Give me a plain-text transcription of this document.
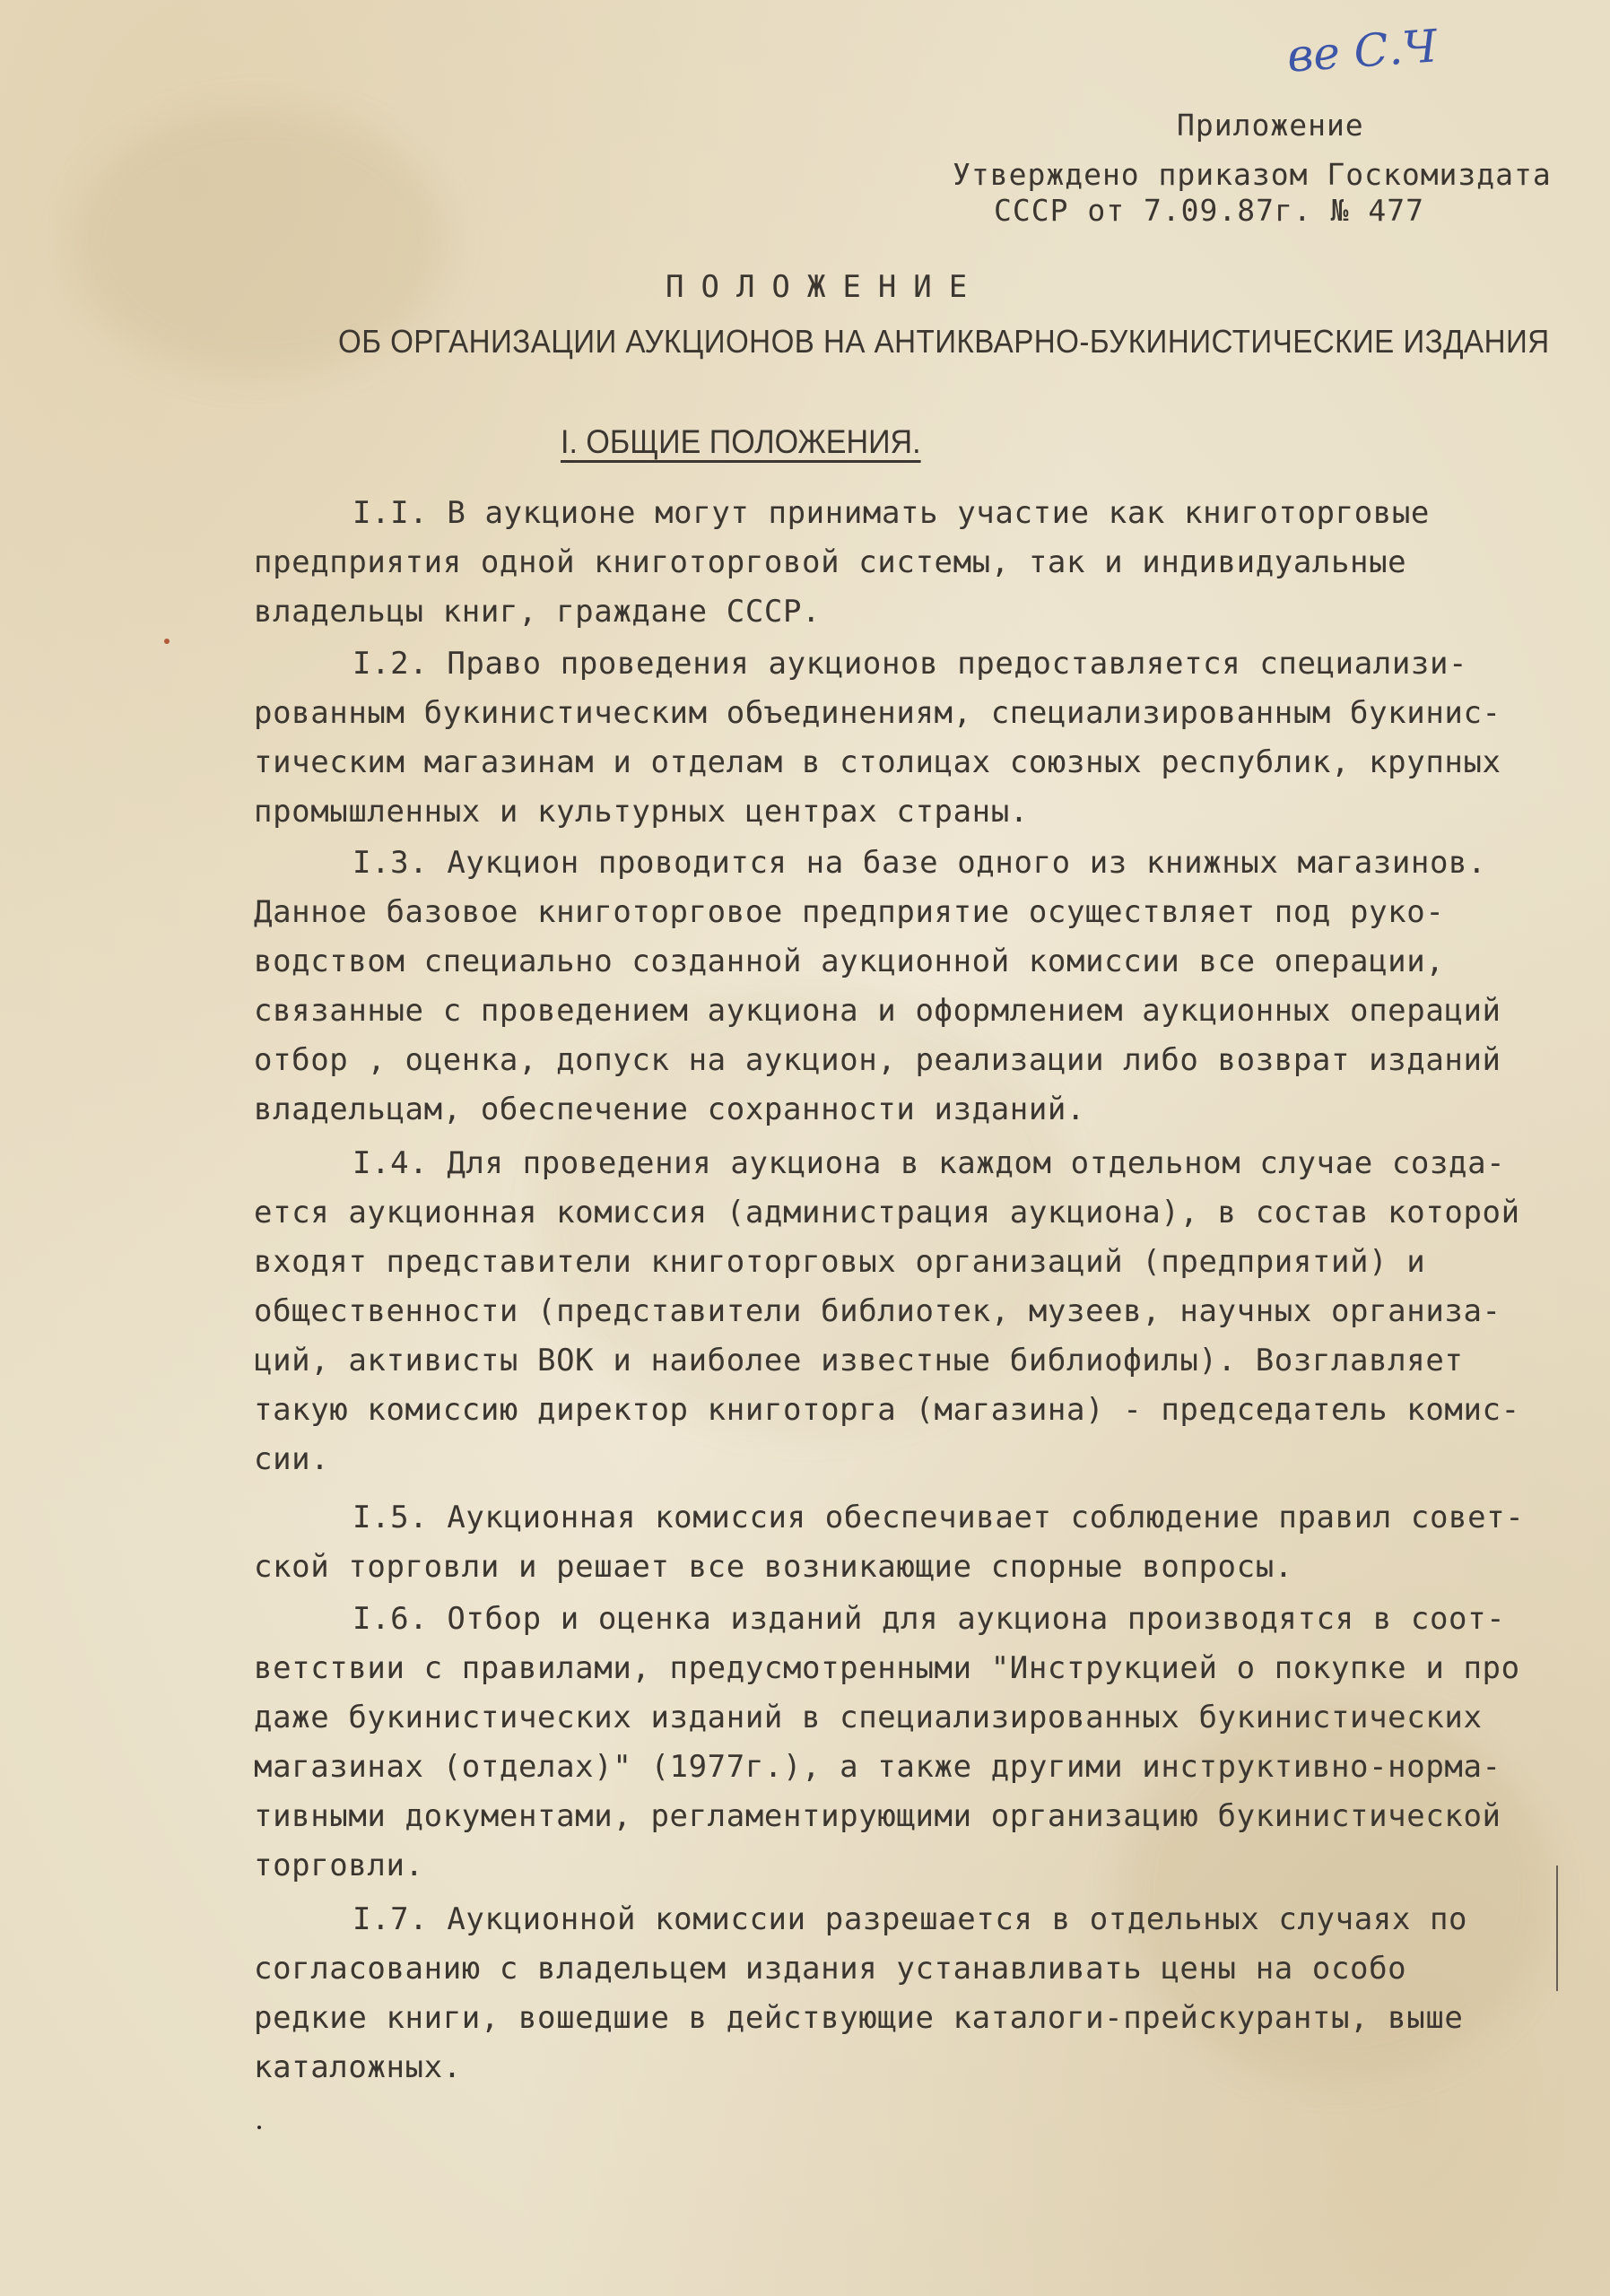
ве С.Ч
Приложение
Утверждено приказом Госкомиздата
СССР от 7.09.87г. № 477
ПОЛОЖЕНИЕ
ОБ ОРГАНИЗАЦИИ АУКЦИОНОВ НА АНТИКВАРНО-БУКИНИСТИЧЕСКИЕ ИЗДАНИЯ
I. ОБЩИЕ ПОЛОЖЕНИЯ.
I.I. В аукционе могут принимать участие как книготорговые
предприятия одной книготорговой системы, так и индивидуальные
владельцы книг, граждане СССР.
I.2. Право проведения аукционов предоставляется специализи-
рованным букинистическим объединениям, специализированным букинис-
тическим магазинам и отделам в столицах союзных республик, крупных
промышленных и культурных центрах страны.
I.3. Аукцион проводится на базе одного из книжных магазинов.
Данное базовое книготорговое предприятие осуществляет под руко-
водством специально созданной аукционной комиссии все операции,
связанные с проведением аукциона и оформлением аукционных операций
отбор , оценка, допуск на аукцион, реализации либо возврат изданий
владельцам, обеспечение сохранности изданий.
I.4. Для проведения аукциона в каждом отдельном случае созда-
ется аукционная комиссия (администрация аукциона), в состав которой
входят представители книготорговых организаций (предприятий) и
общественности (представители библиотек, музеев, научных организа-
ций, активисты ВОК и наиболее известные библиофилы). Возглавляет
такую комиссию директор книготорга (магазина) - председатель комис-
сии.
I.5. Аукционная комиссия обеспечивает соблюдение правил совет-
ской торговли и решает все возникающие спорные вопросы.
I.6. Отбор и оценка изданий для аукциона производятся в соот-
ветствии с правилами, предусмотренными "Инструкцией о покупке и про
даже букинистических изданий в специализированных букинистических
магазинах (отделах)" (1977г.), а также другими инструктивно-норма-
тивными документами, регламентирующими организацию букинистической
торговли.
I.7. Аукционной комиссии разрешается в отдельных случаях по
согласованию с владельцем издания устанавливать цены на особо
редкие книги, вошедшие в действующие каталоги-прейскуранты, выше
каталожных.
